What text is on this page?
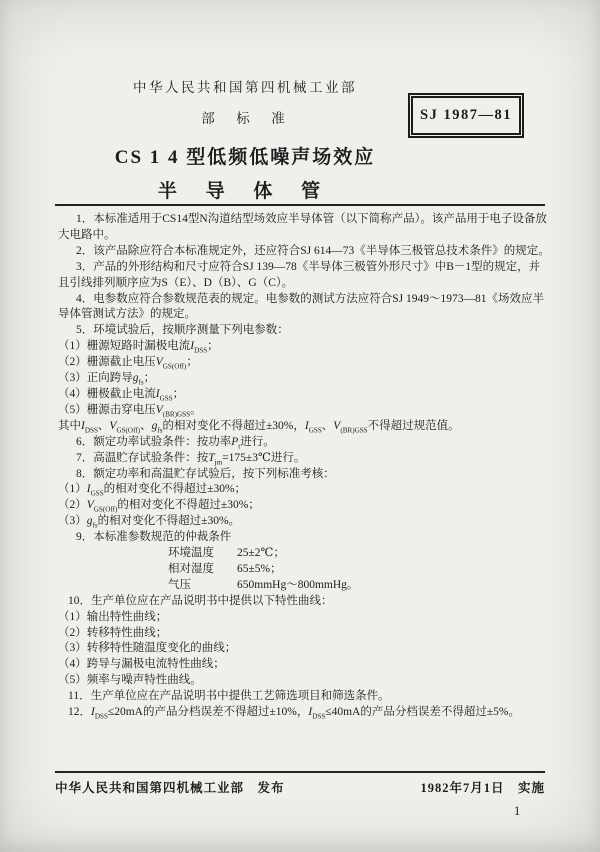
中华人民共和国第四机械工业部
部　标　准
CS 1 4 型低频低噪声场效应
半 导 体 管
SJ 1987—81
1．本标准适用于CS14型N沟道结型场效应半导体管（以下简称产品）。该产品用于电子设备放
大电路中。
2．该产品除应符合本标准规定外，还应符合SJ 614—73《半导体三极管总技术条件》的规定。
3．产品的外形结构和尺寸应符合SJ 139—78《半导体三极管外形尺寸》中B－1型的规定，并
且引线排列顺序应为S（E）、D（B）、G（C）。
4．电参数应符合参数规范表的规定。电参数的测试方法应符合SJ 1949～1973—81《场效应半
导体管测试方法》的规定。
5．环境试验后，按顺序测量下列电参数：
（1）栅源短路时漏极电流$I_{DSS}$；
（2）栅源截止电压$V_{GS(Off)}$；
（3）正向跨导$g_{fs}$；
（4）栅极截止电流$I_{GSS}$；
（5）栅源击穿电压$V_{(BR)GSS}$。
其中$I_{DSS}$、$V_{GS(Off)}$、$g_{fs}$的相对变化不得超过±30%，$I_{GSS}$、$V_{(BR)GSS}$不得超过规范值。
6．额定功率试验条件：按功率$P_t$进行。
7．高温贮存试验条件：按$T_{jm}=175\pm 3℃$进行。
8．额定功率和高温贮存试验后，按下列标准考核：
$(1)I_{GSS}$的相对变化不得超过±30%；
$(2)V_{GS(Off)}$的相对变化不得超过±30%；
$(3)g_{fs}$的相对变化不得超过±30%。
9．本标准参数规范的仲裁条件
环境温度　　25±2℃；
相对湿度　　65±5%；
气压　　　　650mmHg～800mmHg。
10．生产单位应在产品说明书中提供以下特性曲线：
（1）输出特性曲线；
（2）转移特性曲线；
（3）转移特性随温度变化的曲线；
（4）跨导与漏极电流特性曲线；
（5）频率与噪声特性曲线。
11．生产单位应在产品说明书中提供工艺筛选项目和筛选条件。
12．$I_{DSS}\le 20mA$的产品分档误差不得超过±10%，$I_{DSS}\le 40mA$的产品分档误差不得超过±5%。
中华人民共和国第四机械工业部　发布	1982年7月1日　实施
1
